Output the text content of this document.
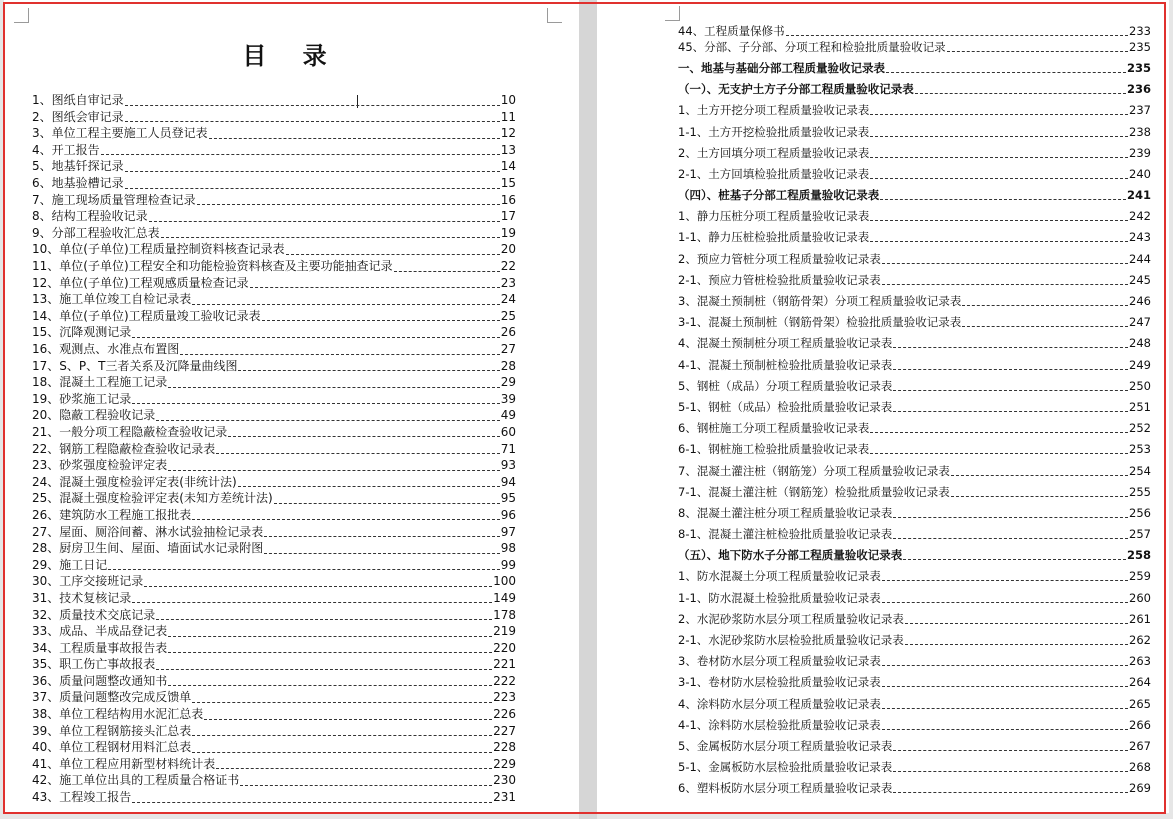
目 录
1、图纸自审记录	10
2、图纸会审记录	11
3、单位工程主要施工人员登记表	12
4、开工报告	13
5、地基钎探记录	14
6、地基验槽记录	15
7、施工现场质量管理检查记录	16
8、结构工程验收记录	17
9、分部工程验收汇总表	19
10、单位(子单位)工程质量控制资料核查记录表	20
11、单位(子单位)工程安全和功能检验资料核查及主要功能抽查记录	22
12、单位(子单位)工程观感质量检查记录	23
13、施工单位竣工自检记录表	24
14、单位(子单位)工程质量竣工验收记录表	25
15、沉降观测记录	26
16、观测点、水准点布置图	27
17、S、P、T三者关系及沉降量曲线图	28
18、混凝土工程施工记录	29
19、砂浆施工记录	39
20、隐蔽工程验收记录	49
21、一般分项工程隐蔽检查验收记录	60
22、钢筋工程隐蔽检查验收记录表	71
23、砂浆强度检验评定表	93
24、混凝土强度检验评定表(非统计法)	94
25、混凝土强度检验评定表(未知方差统计法)	95
26、建筑防水工程施工报批表	96
27、屋面、厕浴间蓄、淋水试验抽检记录表	97
28、厨房卫生间、屋面、墙面试水记录附图	98
29、施工日记	99
30、工序交接班记录	100
31、技术复核记录	149
32、质量技术交底记录	178
33、成品、半成品登记表	219
34、工程质量事故报告表	220
35、职工伤亡事故报表	221
36、质量问题整改通知书	222
37、质量问题整改完成反馈单	223
38、单位工程结构用水泥汇总表	226
39、单位工程钢筋接头汇总表	227
40、单位工程钢材用料汇总表	228
41、单位工程应用新型材料统计表	229
42、施工单位出具的工程质量合格证书	230
43、工程竣工报告	231
44、工程质量保修书	233
45、分部、子分部、分项工程和检验批质量验收记录	235
一、地基与基础分部工程质量验收记录表	235
（一）、无支护土方子分部工程质量验收记录表	236
1、土方开挖分项工程质量验收记录表	237
1-1、土方开挖检验批质量验收记录表	238
2、土方回填分项工程质量验收记录表	239
2-1、土方回填检验批质量验收记录表	240
（四）、桩基子分部工程质量验收记录表	241
1、静力压桩分项工程质量验收记录表	242
1-1、静力压桩检验批质量验收记录表	243
2、预应力管桩分项工程质量验收记录表	244
2-1、预应力管桩检验批质量验收记录表	245
3、混凝土预制桩（钢筋骨架）分项工程质量验收记录表	246
3-1、混凝土预制桩（钢筋骨架）检验批质量验收记录表	247
4、混凝土预制桩分项工程质量验收记录表	248
4-1、混凝土预制桩检验批质量验收记录表	249
5、钢桩（成品）分项工程质量验收记录表	250
5-1、钢桩（成品）检验批质量验收记录表	251
6、钢桩施工分项工程质量验收记录表	252
6-1、钢桩施工检验批质量验收记录表	253
7、混凝土灌注桩（钢筋笼）分项工程质量验收记录表	254
7-1、混凝土灌注桩（钢筋笼）检验批质量验收记录表	255
8、混凝土灌注桩分项工程质量验收记录表	256
8-1、混凝土灌注桩检验批质量验收记录表	257
（五）、地下防水子分部工程质量验收记录表	258
1、防水混凝土分项工程质量验收记录表	259
1-1、防水混凝土检验批质量验收记录表	260
2、水泥砂浆防水层分项工程质量验收记录表	261
2-1、水泥砂浆防水层检验批质量验收记录表	262
3、卷材防水层分项工程质量验收记录表	263
3-1、卷材防水层检验批质量验收记录表	264
4、涂料防水层分项工程质量验收记录表	265
4-1、涂料防水层检验批质量验收记录表	266
5、金属板防水层分项工程质量验收记录表	267
5-1、金属板防水层检验批质量验收记录表	268
6、塑料板防水层分项工程质量验收记录表	269
